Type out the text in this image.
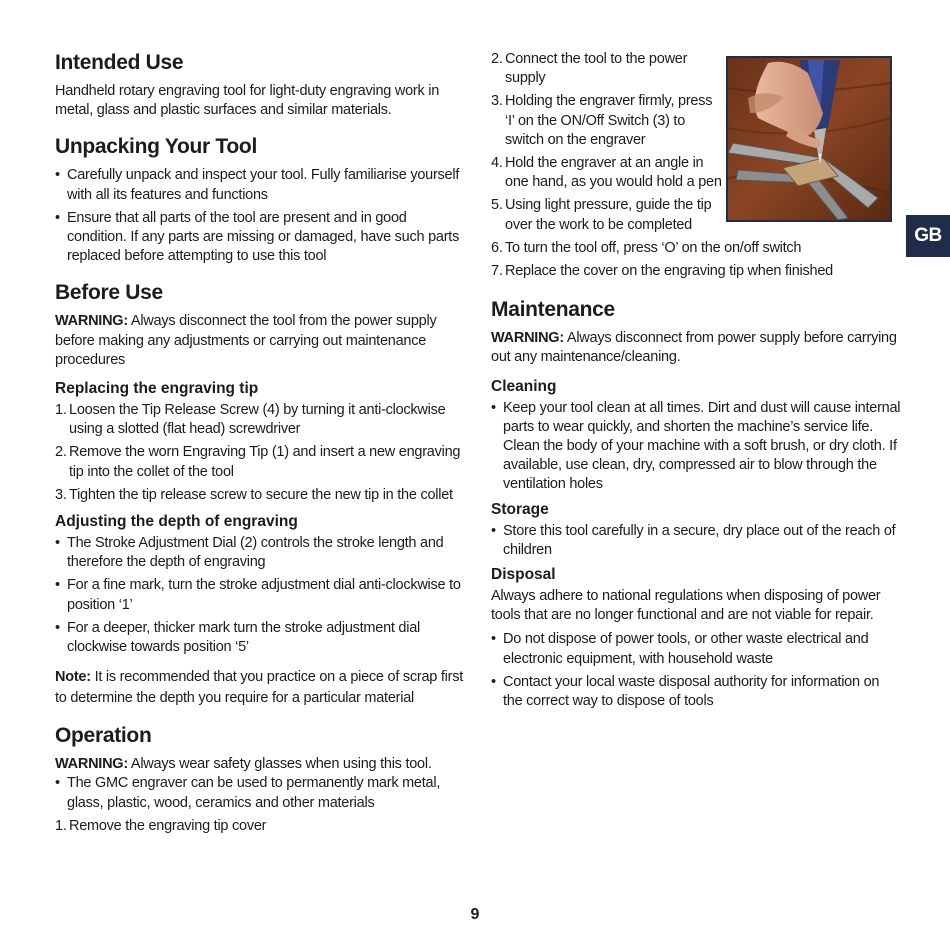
Intended Use

Handheld rotary engraving tool for light-duty engraving work in metal, glass and plastic surfaces and similar materials.

Unpacking Your Tool
• Carefully unpack and inspect your tool. Fully familiarise yourself with all its features and functions
• Ensure that all parts of the tool are present and in good condition. If any parts are missing or damaged, have such parts replaced before attempting to use this tool
Before Use

WARNING: Always disconnect the tool from the power supply before making any adjustments or carrying out maintenance procedures

Replacing the engraving tip
1. Loosen the Tip Release Screw (4) by turning it anti-clockwise using a slotted (flat head) screwdriver
2. Remove the worn Engraving Tip (1) and insert a new engraving tip into the collet of the tool
3. Tighten the tip release screw to secure the new tip in the collet
Adjusting the depth of engraving
• The Stroke Adjustment Dial (2) controls the stroke length and therefore the depth of engraving
• For a fine mark, turn the stroke adjustment dial anti-clockwise to position ‘1’
• For a deeper, thicker mark turn the stroke adjustment dial clockwise towards position ‘5’

Note: It is recommended that you practice on a piece of scrap first to determine the depth you require for a particular material

Operation

WARNING: Always wear safety glasses when using this tool.

• The GMC engraver can be used to permanently mark metal, glass, plastic, wood, ceramics and other materials
1. Remove the engraving tip cover
2. Connect the tool to the power supply
3. Holding the engraver firmly, press ‘I’ on the ON/Off Switch (3) to switch on the engraver
4. Hold the engraver at an angle in one hand, as you would hold a pen
5. Using light pressure, guide the tip over the work to be completed
6. To turn the tool off, press ‘O’ on the on/off switch
7. Replace the cover on the engraving tip when finished
Maintenance

WARNING: Always disconnect from power supply before carrying out any maintenance/cleaning.

Cleaning
• Keep your tool clean at all times. Dirt and dust will cause internal parts to wear quickly, and shorten the machine’s service life. Clean the body of your machine with a soft brush, or dry cloth. If available, use clean, dry, compressed air to blow through the ventilation holes
Storage
• Store this tool carefully in a secure, dry place out of the reach of children
Disposal

Always adhere to national regulations when disposing of power tools that are no longer functional and are not viable for repair.

• Do not dispose of power tools, or other waste electrical and electronic equipment, with household waste
• Contact your local waste disposal authority for information on the correct way to dispose of tools
GB
9
